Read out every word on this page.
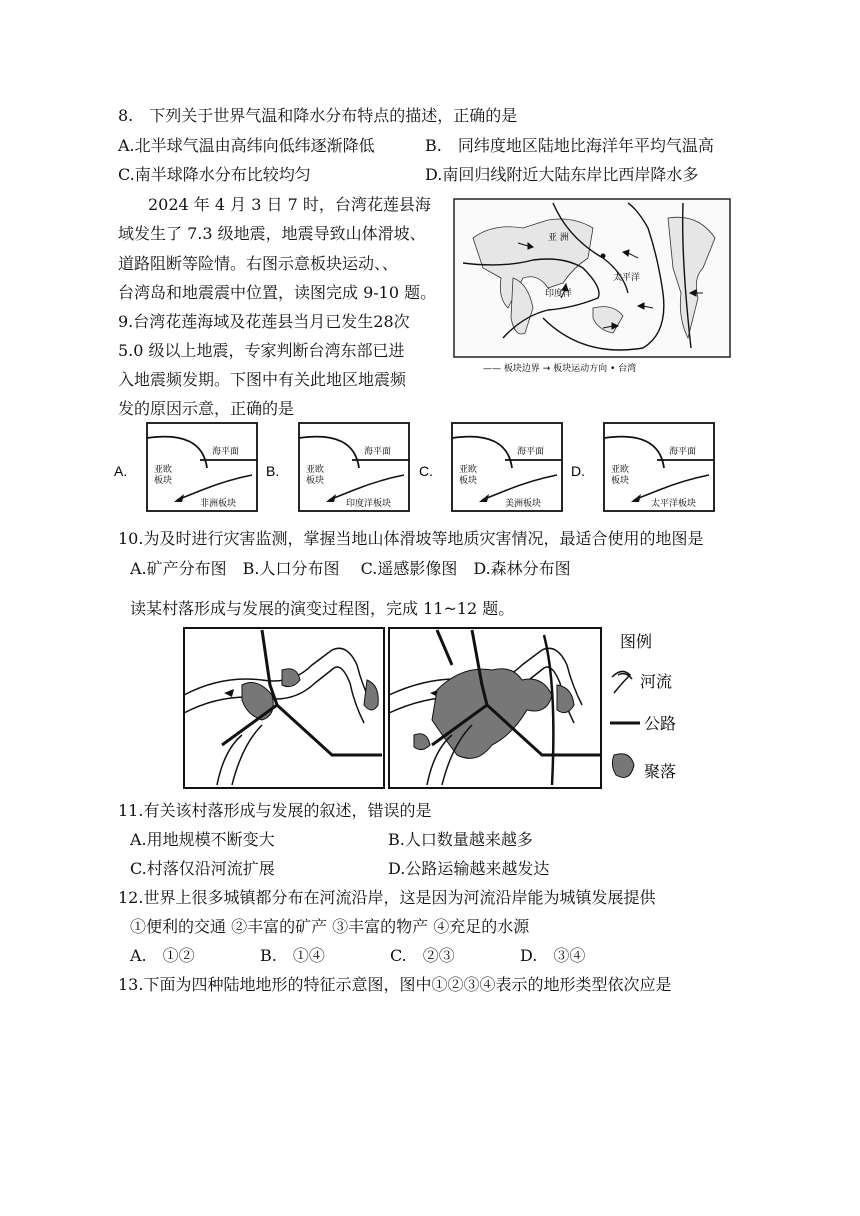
8.　下列关于世界气温和降水分布特点的描述，正确的是
A.北半球气温由高纬向低纬逐渐降低	B.　同纬度地区陆地比海洋年平均气温高
C.南半球降水分布比较均匀	D.南回归线附近大陆东岸比西岸降水多
2024 年 4 月 3 日 7 时，台湾花莲县海
域发生了 7.3 级地震，地震导致山体滑坡、
道路阻断等险情。右图示意板块运动、、
台湾岛和地震震中位置，读图完成 9-10 题。
9.台湾花莲海域及花莲县当月已发生28次
5.0 级以上地震，专家判断台湾东部已进
入地震频发期。下图中有关此地区地震频
发的原因示意，正确的是
亚 洲
太平洋
印度洋
—— 板块边界 → 板块运动方向 • 台湾
A.
海平面
亚欧
板块
非洲板块
B.
海平面
亚欧
板块
印度洋板块
C.
海平面
亚欧
板块
美洲板块
D.
海平面
亚欧
板块
太平洋板块
10.为及时进行灾害监测，掌握当地山体滑坡等地质灾害情况，最适合使用的地图是
A.矿产分布图　B.人口分布图　 C.遥感影像图　D.森林分布图
读某村落形成与发展的演变过程图，完成 11~12 题。
图例
河流
公路
聚落
11.有关该村落形成与发展的叙述，错误的是
A.用地规模不断变大	B.人口数量越来越多
C.村落仅沿河流扩展	D.公路运输越来越发达
12.世界上很多城镇都分布在河流沿岸，这是因为河流沿岸能为城镇发展提供
①便利的交通 ②丰富的矿产 ③丰富的物产 ④充足的水源
A.　①②	B.　①④	C.　②③	D.　③④
13.下面为四种陆地地形的特征示意图，图中①②③④表示的地形类型依次应是
